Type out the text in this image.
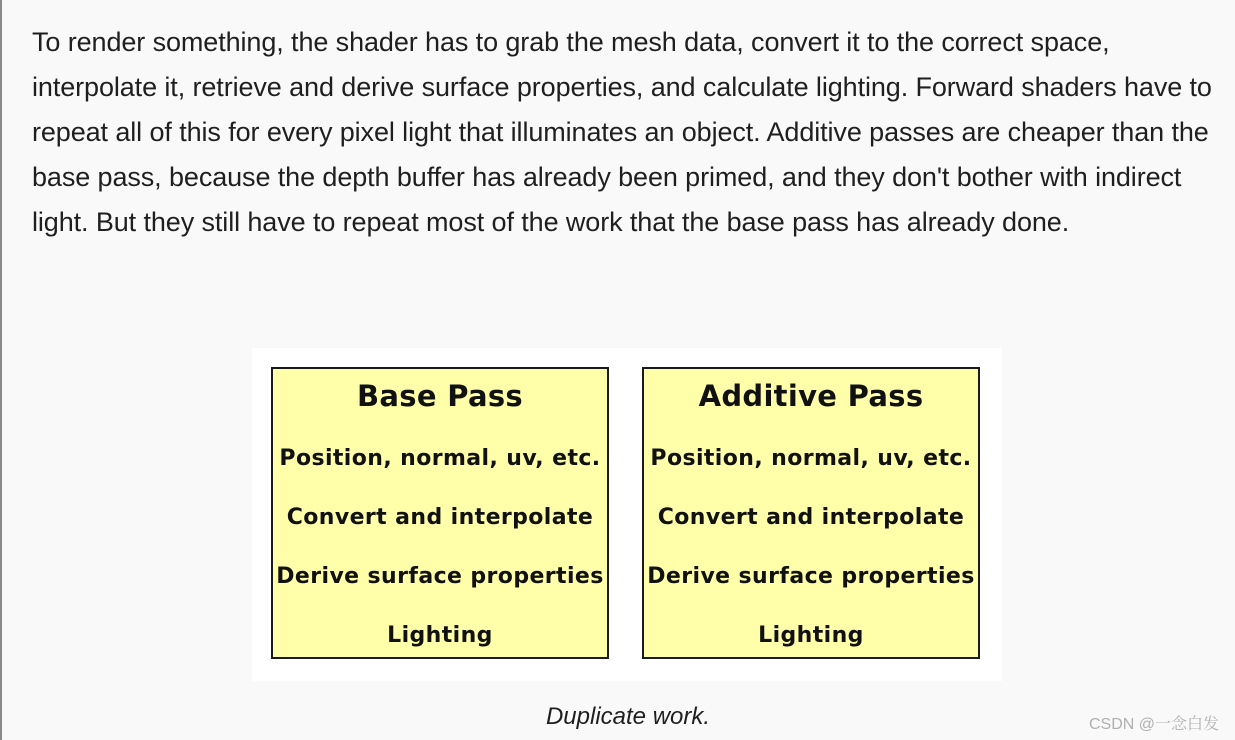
To render something, the shader has to grab the mesh data, convert it to the correct space, interpolate it, retrieve and derive surface properties, and calculate lighting. Forward shaders have to repeat all of this for every pixel light that illuminates an object. Additive passes are cheaper than the base pass, because the depth buffer has already been primed, and they don't bother with indirect light. But they still have to repeat most of the work that the base pass has already done.

Base Pass
Position, normal, uv, etc.
Convert and interpolate
Derive surface properties
Lighting
Additive Pass
Position, normal, uv, etc.
Convert and interpolate
Derive surface properties
Lighting
Duplicate work.	CSDN @一念白发
